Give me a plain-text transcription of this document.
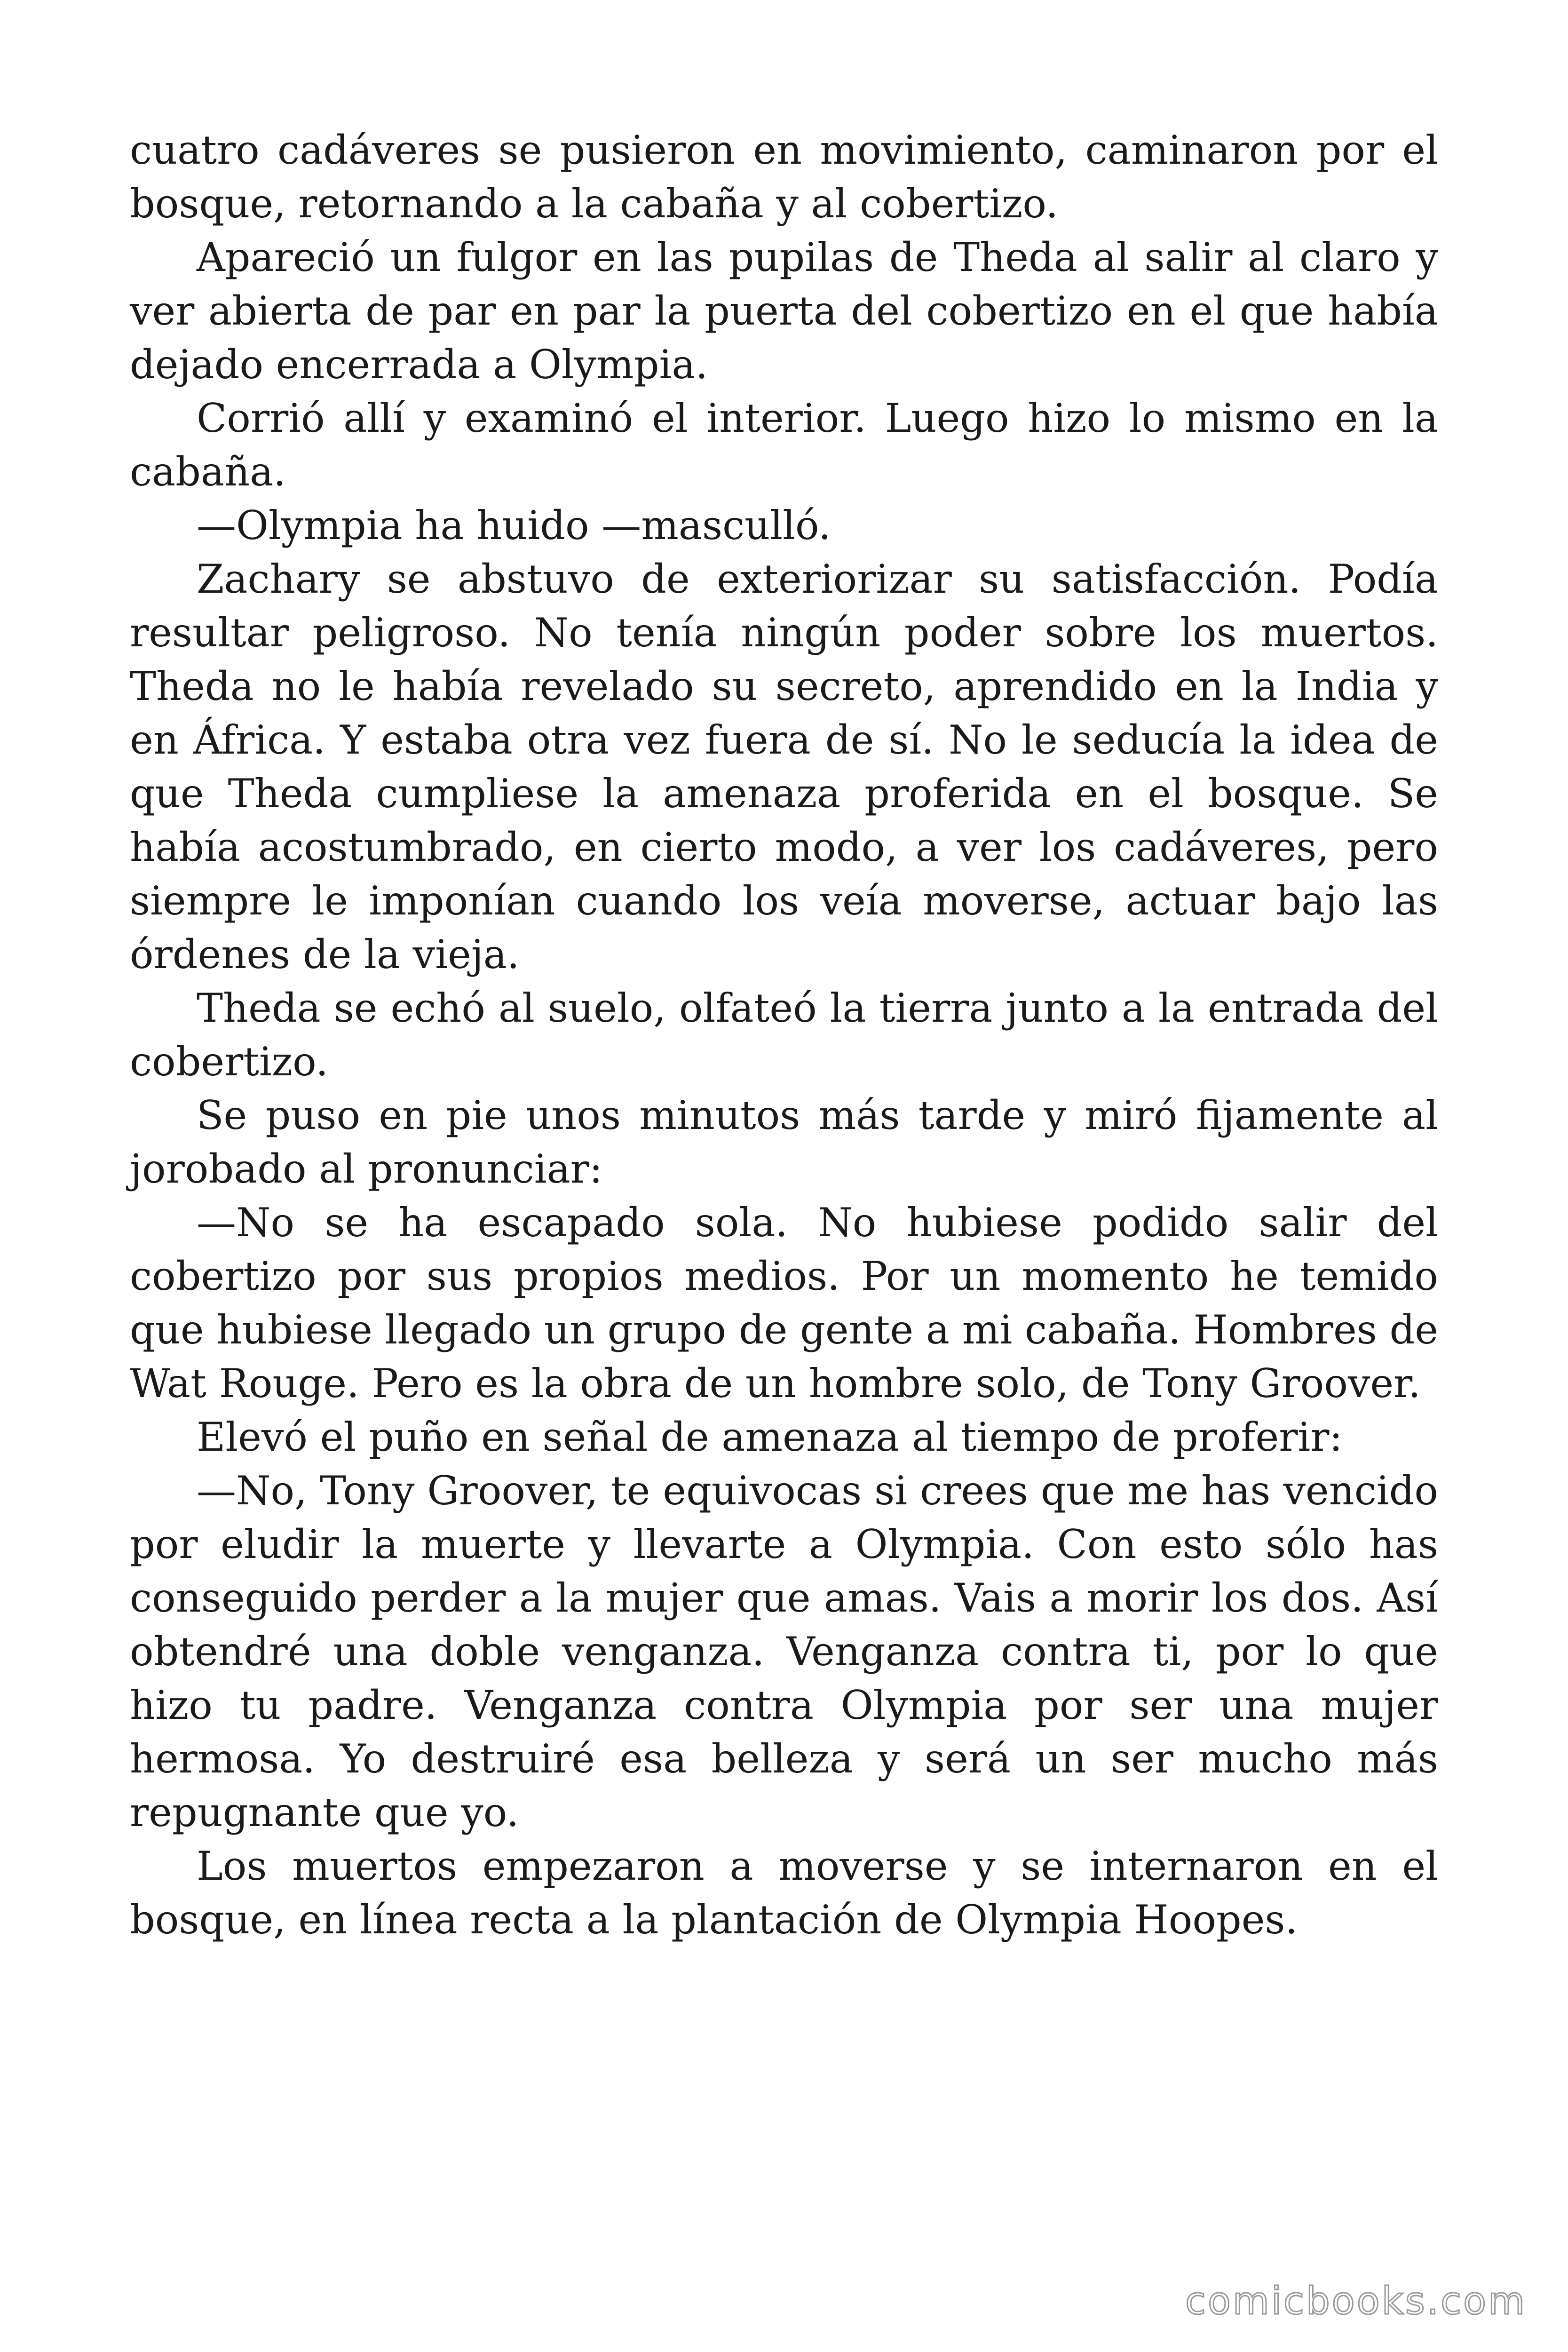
cuatro cadáveres se pusieron en movimiento, caminaron por el bosque, retornando a la cabaña y al cobertizo.

Apareció un fulgor en las pupilas de Theda al salir al claro y ver abierta de par en par la puerta del cobertizo en el que había dejado encerrada a Olympia.

Corrió allí y examinó el interior. Luego hizo lo mismo en la cabaña.

—Olympia ha huido —masculló.

Zachary se abstuvo de exteriorizar su satisfacción. Podía resultar peligroso. No tenía ningún poder sobre los muertos. Theda no le había revelado su secreto, aprendido en la India y en África. Y estaba otra vez fuera de sí. No le seducía la idea de que Theda cumpliese la amenaza proferida en el bosque. Se había acostumbrado, en cierto modo, a ver los cadáveres, pero siempre le imponían cuando los veía moverse, actuar bajo las órdenes de la vieja.

Theda se echó al suelo, olfateó la tierra junto a la entrada del cobertizo.

Se puso en pie unos minutos más tarde y miró fijamente al jorobado al pronunciar:

—No se ha escapado sola. No hubiese podido salir del cobertizo por sus propios medios. Por un momento he temido que hubiese llegado un grupo de gente a mi cabaña. Hombres de Wat Rouge. Pero es la obra de un hombre solo, de Tony Groover.

Elevó el puño en señal de amenaza al tiempo de proferir:

—No, Tony Groover, te equivocas si crees que me has vencido por eludir la muerte y llevarte a Olympia. Con esto sólo has conseguido perder a la mujer que amas. Vais a morir los dos. Así obtendré una doble venganza. Venganza contra ti, por lo que hizo tu padre. Venganza contra Olympia por ser una mujer hermosa. Yo destruiré esa belleza y será un ser mucho más repugnante que yo.

Los muertos empezaron a moverse y se internaron en el bosque, en línea recta a la plantación de Olympia Hoopes.

comicbooks.com
